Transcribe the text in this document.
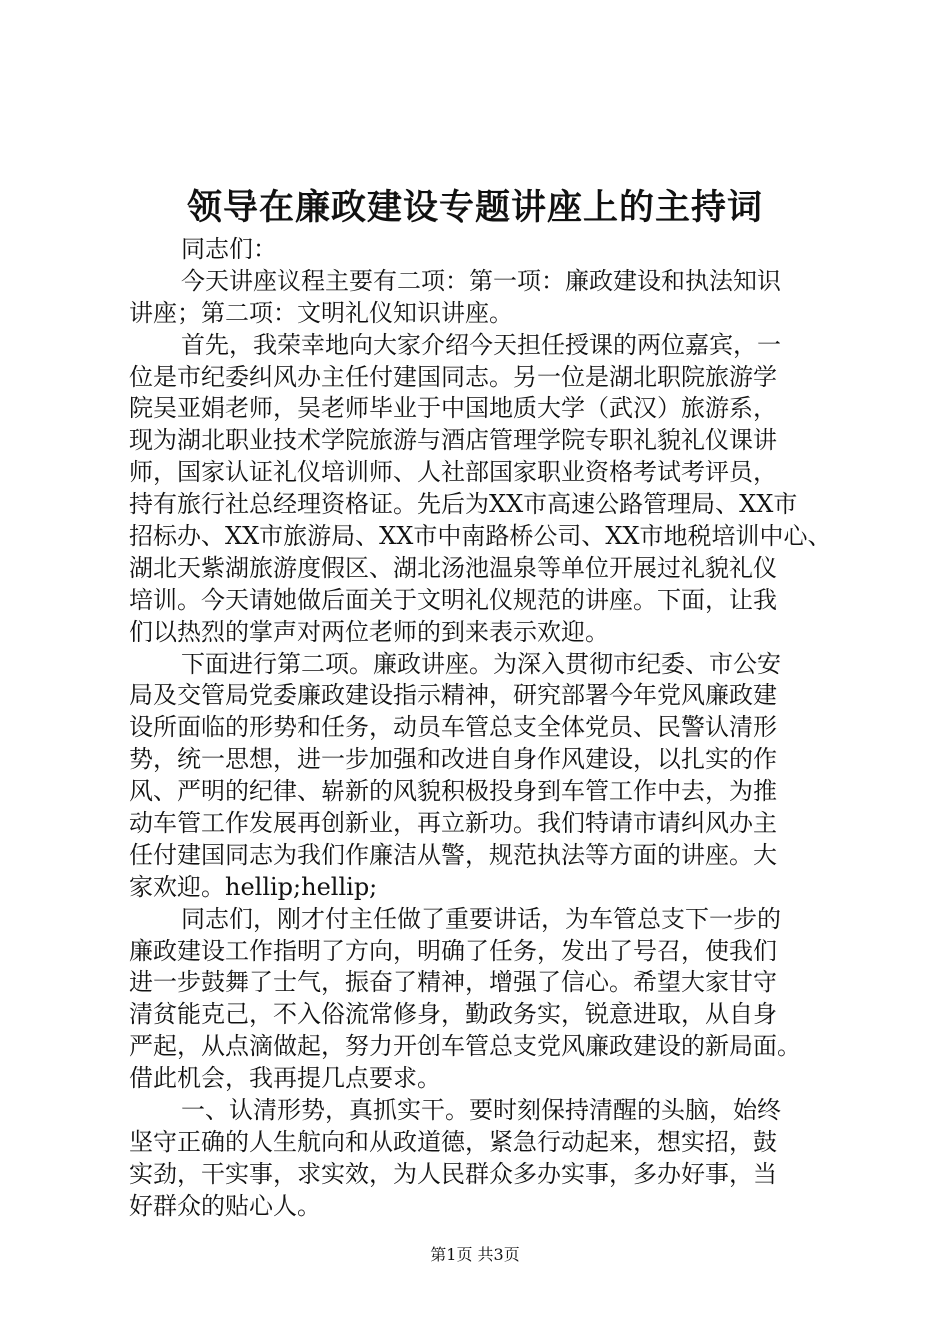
领导在廉政建设专题讲座上的主持词
同志们：
今天讲座议程主要有二项：第一项：廉政建设和执法知识
讲座；第二项：文明礼仪知识讲座。
首先，我荣幸地向大家介绍今天担任授课的两位嘉宾，一
位是市纪委纠风办主任付建国同志。另一位是湖北职院旅游学
院吴亚娟老师，吴老师毕业于中国地质大学（武汉）旅游系，
现为湖北职业技术学院旅游与酒店管理学院专职礼貌礼仪课讲
师，国家认证礼仪培训师、人社部国家职业资格考试考评员，
持有旅行社总经理资格证。先后为XX市高速公路管理局、XX市
招标办、XX市旅游局、XX市中南路桥公司、XX市地税培训中心、
湖北天紫湖旅游度假区、湖北汤池温泉等单位开展过礼貌礼仪
培训。今天请她做后面关于文明礼仪规范的讲座。下面，让我
们以热烈的掌声对两位老师的到来表示欢迎。
下面进行第二项。廉政讲座。为深入贯彻市纪委、市公安
局及交管局党委廉政建设指示精神，研究部署今年党风廉政建
设所面临的形势和任务，动员车管总支全体党员、民警认清形
势，统一思想，进一步加强和改进自身作风建设，以扎实的作
风、严明的纪律、崭新的风貌积极投身到车管工作中去，为推
动车管工作发展再创新业，再立新功。我们特请市请纠风办主
任付建国同志为我们作廉洁从警，规范执法等方面的讲座。大
家欢迎。hellip;hellip;
同志们，刚才付主任做了重要讲话，为车管总支下一步的
廉政建设工作指明了方向，明确了任务，发出了号召，使我们
进一步鼓舞了士气，振奋了精神，增强了信心。希望大家甘守
清贫能克己，不入俗流常修身，勤政务实，锐意进取，从自身
严起，从点滴做起，努力开创车管总支党风廉政建设的新局面。
借此机会，我再提几点要求。
一、认清形势，真抓实干。要时刻保持清醒的头脑，始终
坚守正确的人生航向和从政道德，紧急行动起来，想实招，鼓
实劲，干实事，求实效，为人民群众多办实事，多办好事，当
好群众的贴心人。
第1页 共3页
